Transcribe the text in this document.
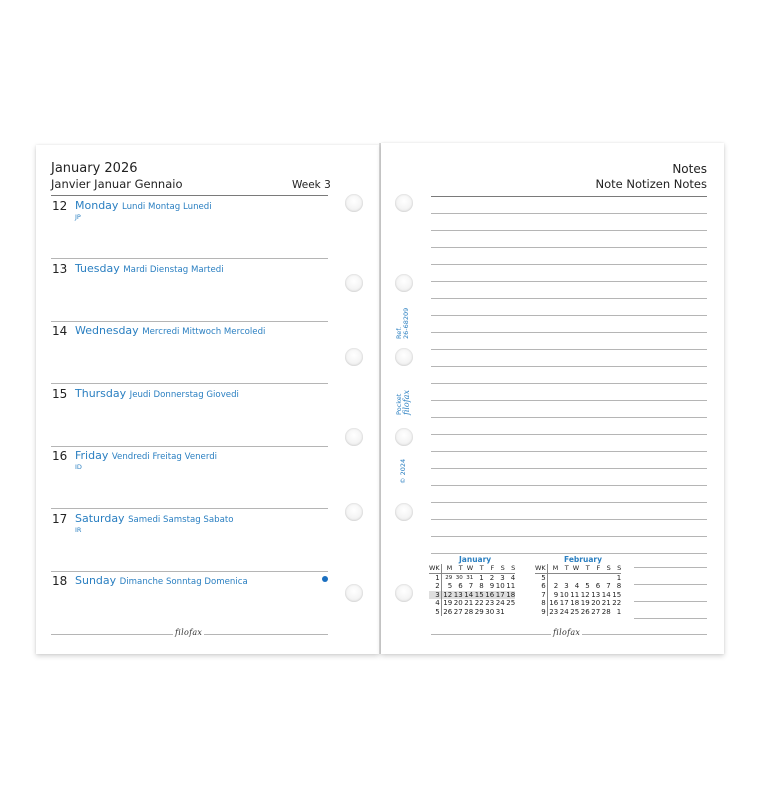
January 2026
Janvier Januar Gennaio	Week 3
12 Monday Lundi Montag Lunedi
JP
13 Tuesday Mardi Dienstag Martedi
14 Wednesday Mercredi Mittwoch Mercoledi
15 Thursday Jeudi Donnerstag Giovedi
16 Friday Vendredi Freitag Venerdi
ID
17 Saturday Samedi Samstag Sabato
IR
18 Sunday Dimanche Sonntag Domenica
filofax
Notes
Note Notizen Notes
Ref.
26-68209
Pocket
filofax
© 2024
January
WK	M	T	W	T	F	S	S
1	29	30	31	1	2	3	4
2	5	6	7	8	9	10	11
3	12	13	14	15	16	17	18
4	19	20	21	22	23	24	25
5	26	27	28	29	30	31	
February
WK	M	T	W	T	F	S	S
5							1
6	2	3	4	5	6	7	8
7	9	10	11	12	13	14	15
8	16	17	18	19	20	21	22
9	23	24	25	26	27	28	1
filofax
